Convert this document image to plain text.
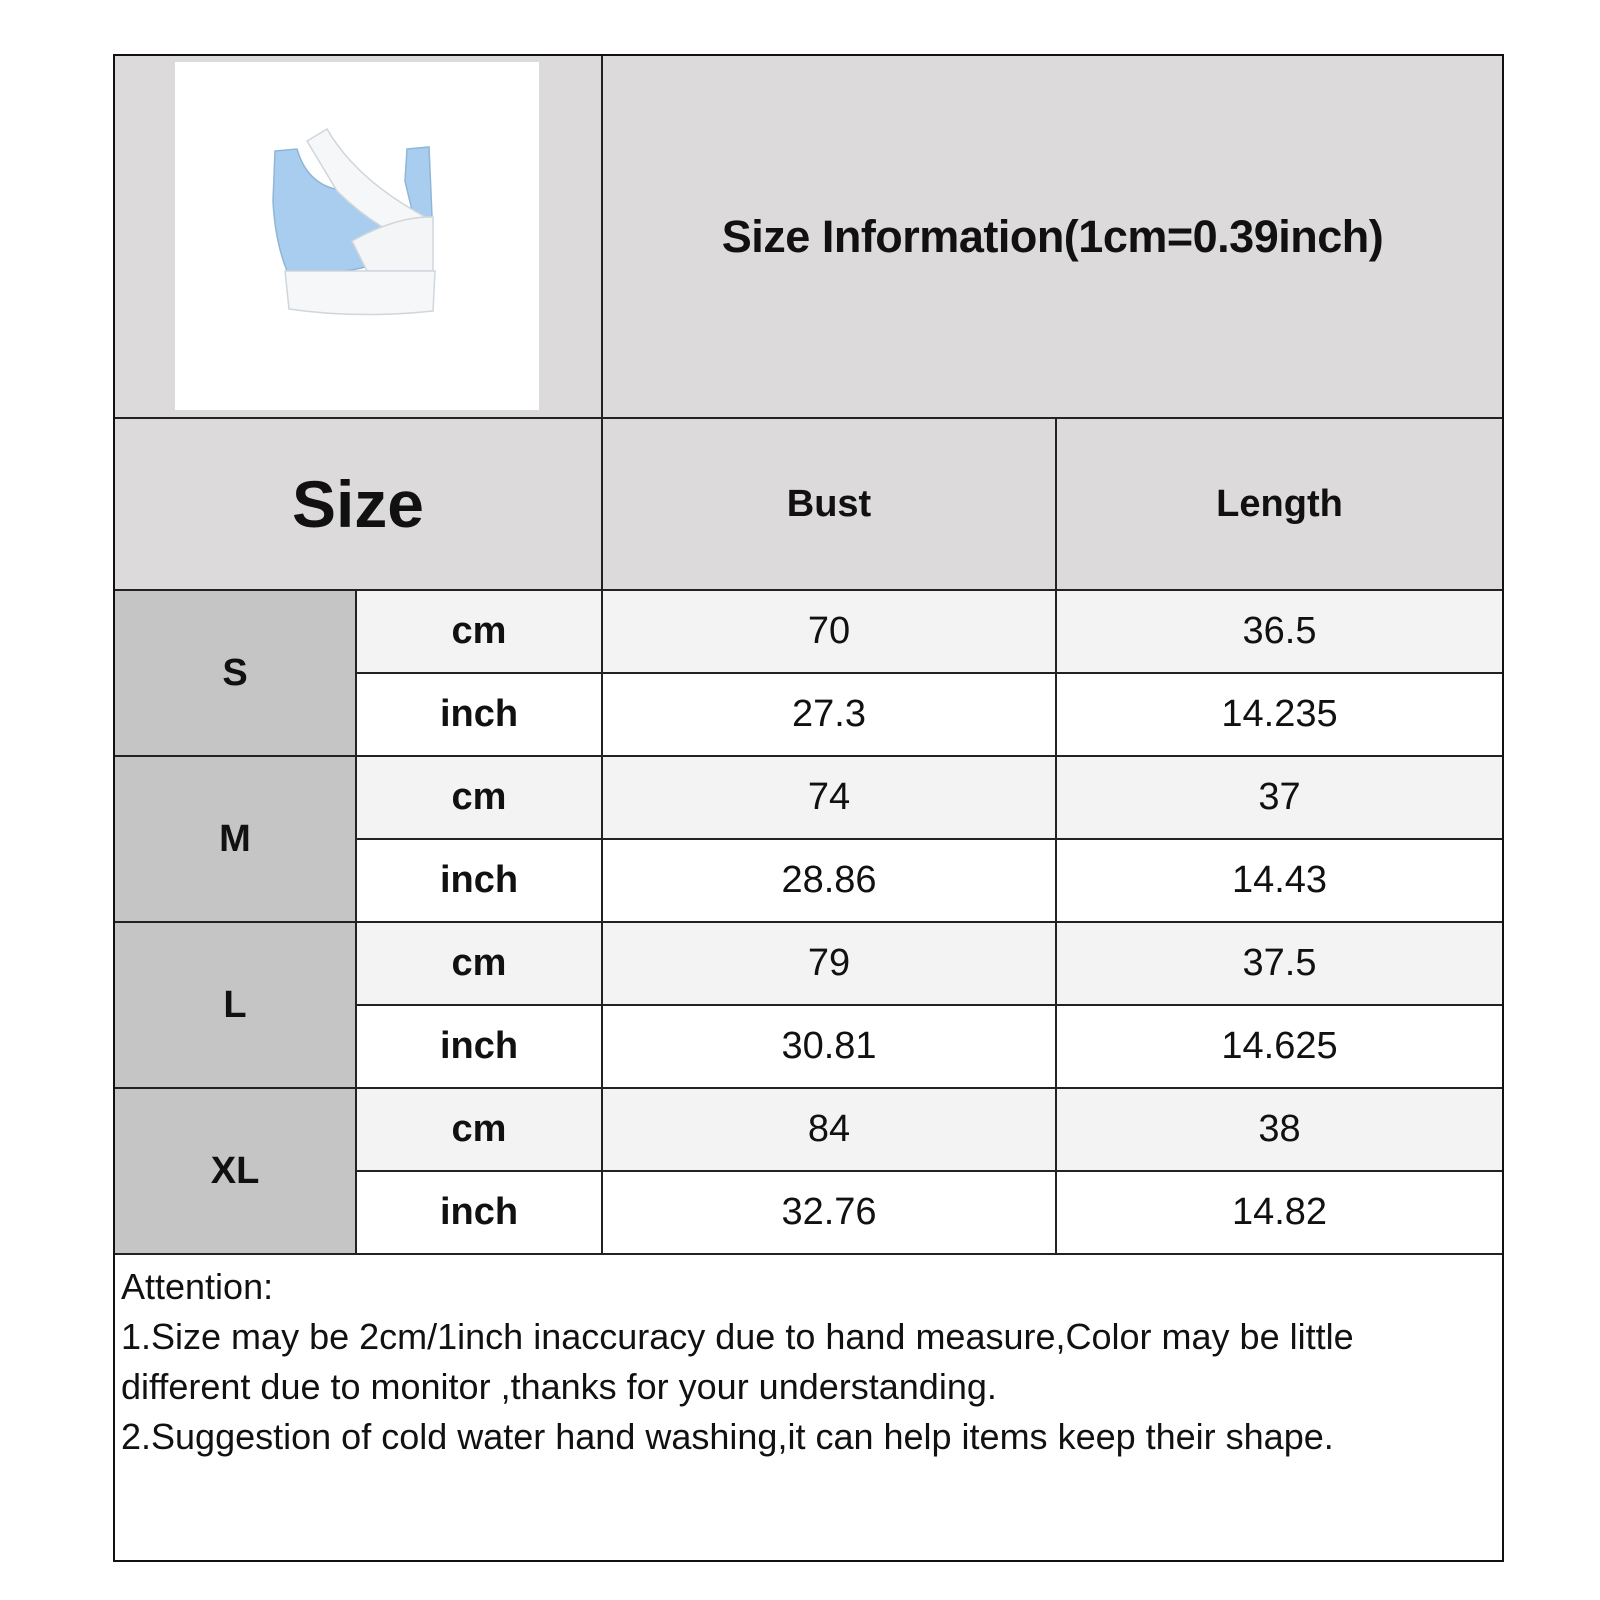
Size Information(1cm=0.39inch)
Size	Bust	Length
S
cm	70	36.5
inch	27.3	14.235
M
cm	74	37
inch	28.86	14.43
L
cm	79	37.5
inch	30.81	14.625
XL
cm	84	38
inch	32.76	14.82
Attention:
1.Size may be 2cm/1inch inaccuracy due to hand measure,Color may be little
different due to monitor ,thanks for your understanding.
2.Suggestion of cold water hand washing,it can help items keep their shape.
